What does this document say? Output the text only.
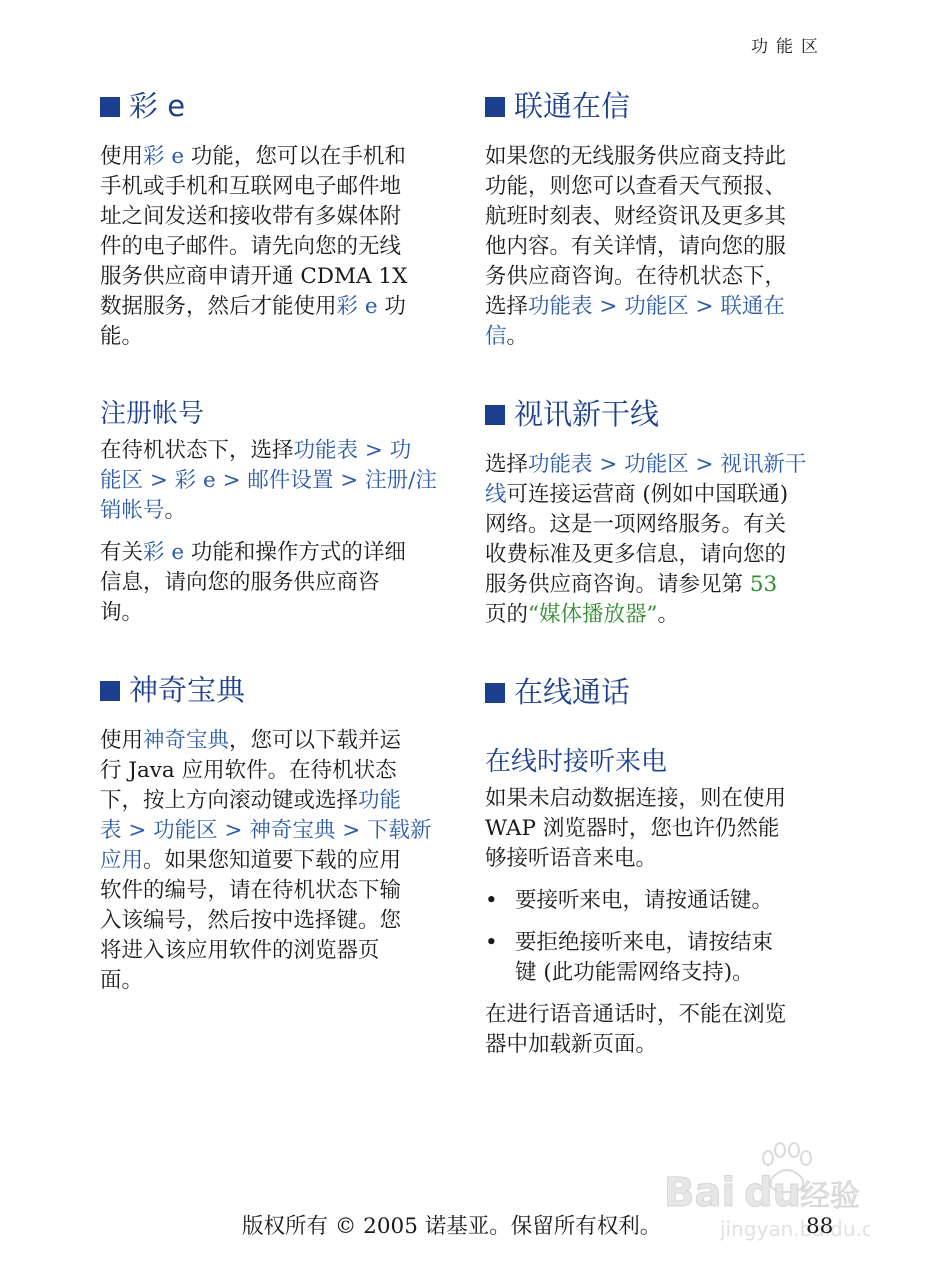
功能区
彩 e

使用彩 e 功能，您可以在手机和
手机或手机和互联网电子邮件地
址之间发送和接收带有多媒体附
件的电子邮件。请先向您的无线
服务供应商申请开通 CDMA 1X
数据服务，然后才能使用彩 e 功
能。

注册帐号

在待机状态下，选择功能表 > 功
能区 > 彩 e > 邮件设置 > 注册/注
销帐号。

有关彩 e 功能和操作方式的详细
信息，请向您的服务供应商咨
询。

神奇宝典

使用神奇宝典，您可以下载并运
行 Java 应用软件。在待机状态
下，按上方向滚动键或选择功能
表 > 功能区 > 神奇宝典 > 下载新
应用。如果您知道要下载的应用
软件的编号，请在待机状态下输
入该编号，然后按中选择键。您
将进入该应用软件的浏览器页
面。

联通在信

如果您的无线服务供应商支持此
功能，则您可以查看天气预报、
航班时刻表、财经资讯及更多其
他内容。有关详情，请向您的服
务供应商咨询。在待机状态下，
选择功能表 > 功能区 > 联通在
信。

视讯新干线

选择功能表 > 功能区 > 视讯新干
线可连接运营商 (例如中国联通)
网络。这是一项网络服务。有关
收费标准及更多信息，请向您的
服务供应商咨询。请参见第 53
页的“媒体播放器”。

在线通话
在线时接听来电

如果未启动数据连接，则在使用
WAP 浏览器时，您也许仍然能
够接听语音来电。

• 要接听来电，请按通话键。
• 要拒绝接听来电，请按结束
键 (此功能需网络支持)。

在进行语音通话时，不能在浏览
器中加载新页面。

Bai du
经验
jingyan.baidu.c
版权所有 © 2005 诺基亚。保留所有权利。	88
